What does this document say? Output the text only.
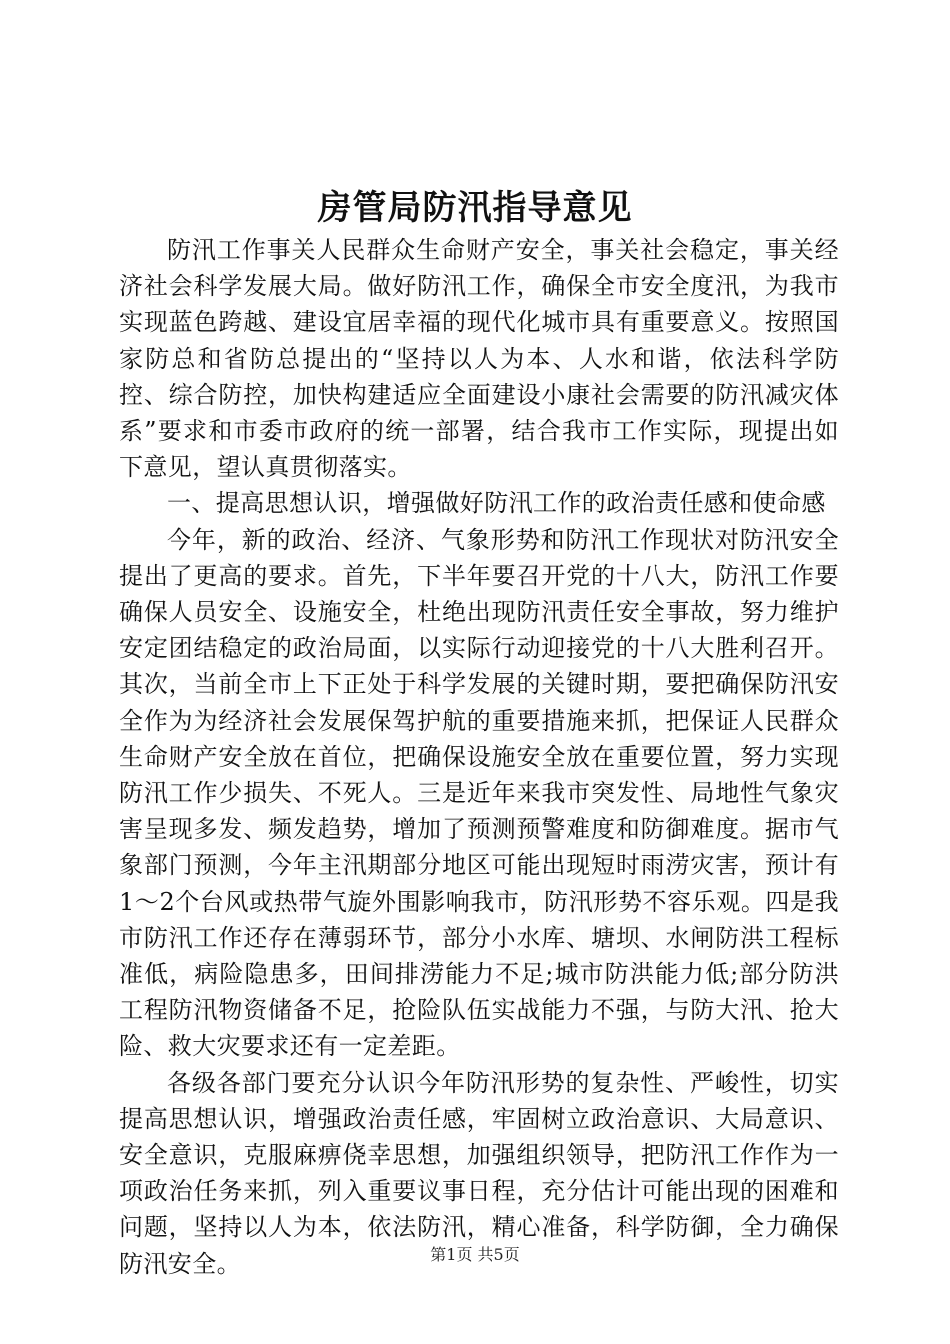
房管局防汛指导意见

防汛工作事关人民群众生命财产安全，事关社会稳定，事关经济社会科学发展大局。做好防汛工作，确保全市安全度汛，为我市实现蓝色跨越、建设宜居幸福的现代化城市具有重要意义。按照国家防总和省防总提出的“坚持以人为本、人水和谐，依法科学防控、综合防控，加快构建适应全面建设小康社会需要的防汛减灾体系”要求和市委市政府的统一部署，结合我市工作实际，现提出如下意见，望认真贯彻落实。

一、提高思想认识，增强做好防汛工作的政治责任感和使命感

今年，新的政治、经济、气象形势和防汛工作现状对防汛安全提出了更高的要求。首先，下半年要召开党的十八大，防汛工作要确保人员安全、设施安全，杜绝出现防汛责任安全事故，努力维护安定团结稳定的政治局面，以实际行动迎接党的十八大胜利召开。其次，当前全市上下正处于科学发展的关键时期，要把确保防汛安全作为为经济社会发展保驾护航的重要措施来抓，把保证人民群众生命财产安全放在首位，把确保设施安全放在重要位置，努力实现防汛工作少损失、不死人。三是近年来我市突发性、局地性气象灾害呈现多发、频发趋势，增加了预测预警难度和防御难度。据市气象部门预测，今年主汛期部分地区可能出现短时雨涝灾害，预计有1～2个台风或热带气旋外围影响我市，防汛形势不容乐观。四是我市防汛工作还存在薄弱环节，部分小水库、塘坝、水闸防洪工程标准低，病险隐患多，田间排涝能力不足;城市防洪能力低;部分防洪工程防汛物资储备不足，抢险队伍实战能力不强，与防大汛、抢大险、救大灾要求还有一定差距。

各级各部门要充分认识今年防汛形势的复杂性、严峻性，切实提高思想认识，增强政治责任感，牢固树立政治意识、大局意识、安全意识，克服麻痹侥幸思想，加强组织领导，把防汛工作作为一项政治任务来抓，列入重要议事日程，充分估计可能出现的困难和问题，坚持以人为本，依法防汛，精心准备，科学防御，全力确保防汛安全。	第1页 共5页
